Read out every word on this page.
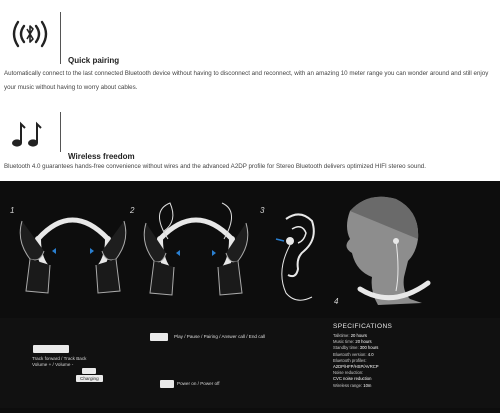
Quick pairing
Automatically connect to the last connected Bluetooth device without having to disconnect and reconnect, with an amazing 10 meter range you can wonder around and still enjoy your music without having to worry about cables.
Wireless freedom
Bluetooth 4.0 guarantees hands-free convenience without wires and the advanced A2DP profile for Stereo Bluetooth delivers optimized HIFI stereo sound.
1	2	3
4
Play / Pause / Pairing / Answer call / End call
Track forward / Track Back
Volume + / Volume -
Charging
Power on / Power off
SPECIFICATIONS
Talktime: 20 hours
Music time: 20 hours
Standby time: 300 hours
Bluetooth version: 4.0
Bluetooth profiles:
A2DP/HFP/HSP/AVRCP
Noise reduction:
CVC noise reduction
Wireless range: 10m
